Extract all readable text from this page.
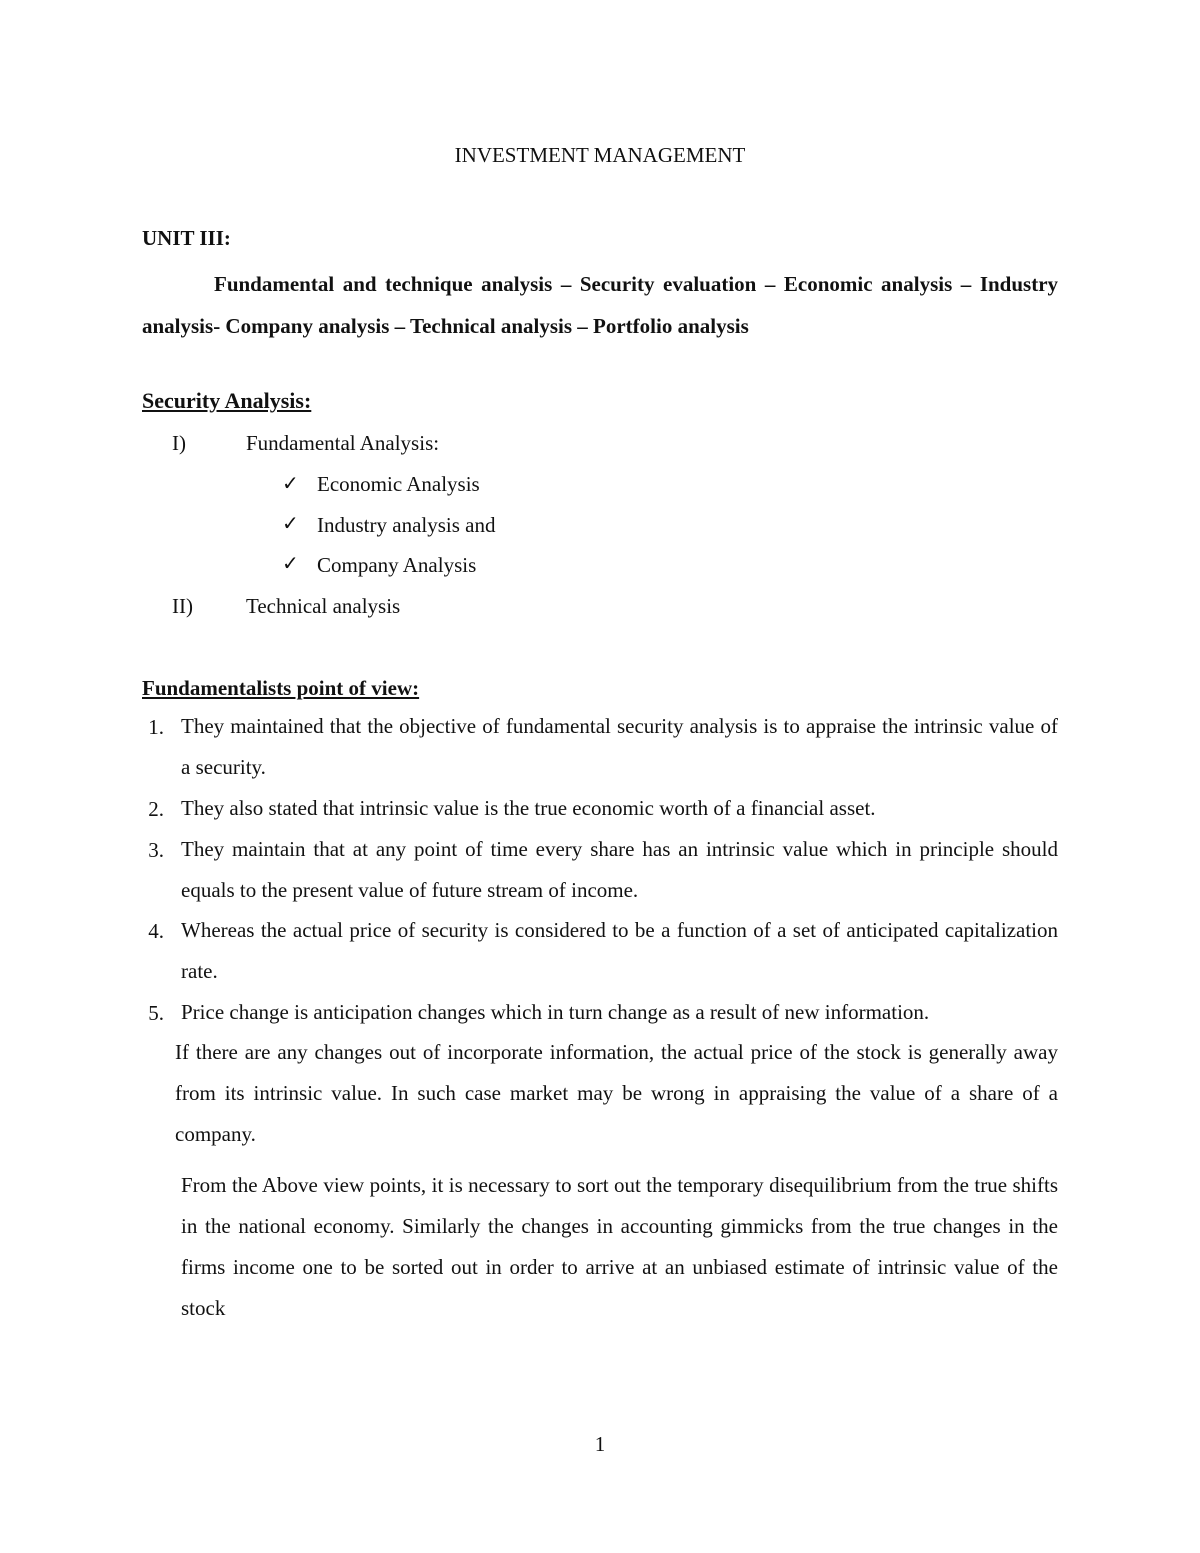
INVESTMENT MANAGEMENT
UNIT III:
Fundamental and technique analysis – Security evaluation – Economic analysis – Industry analysis- Company analysis – Technical analysis – Portfolio analysis
Security Analysis:
I)	Fundamental Analysis:
✓ Economic Analysis
✓ Industry analysis and
✓ Company Analysis
II)	Technical analysis
Fundamentalists point of view:
1. They maintained that the objective of fundamental security analysis is to appraise the intrinsic value of a security.
2. They also stated that intrinsic value is the true economic worth of a financial asset.
3. They maintain that at any point of time every share has an intrinsic value which in principle should equals to the present value of future stream of income.
4. Whereas the actual price of security is considered to be a function of a set of anticipated capitalization rate.
5. Price change is anticipation changes which in turn change as a result of new information.
If there are any changes out of incorporate information, the actual price of the stock is generally away from its intrinsic value. In such case market may be wrong in appraising the value of a share of a company.
From the Above view points, it is necessary to sort out the temporary disequilibrium from the true shifts in the national economy. Similarly the changes in accounting gimmicks from the true changes in the firms income one to be sorted out in order to arrive at an unbiased estimate of intrinsic value of the stock
1
